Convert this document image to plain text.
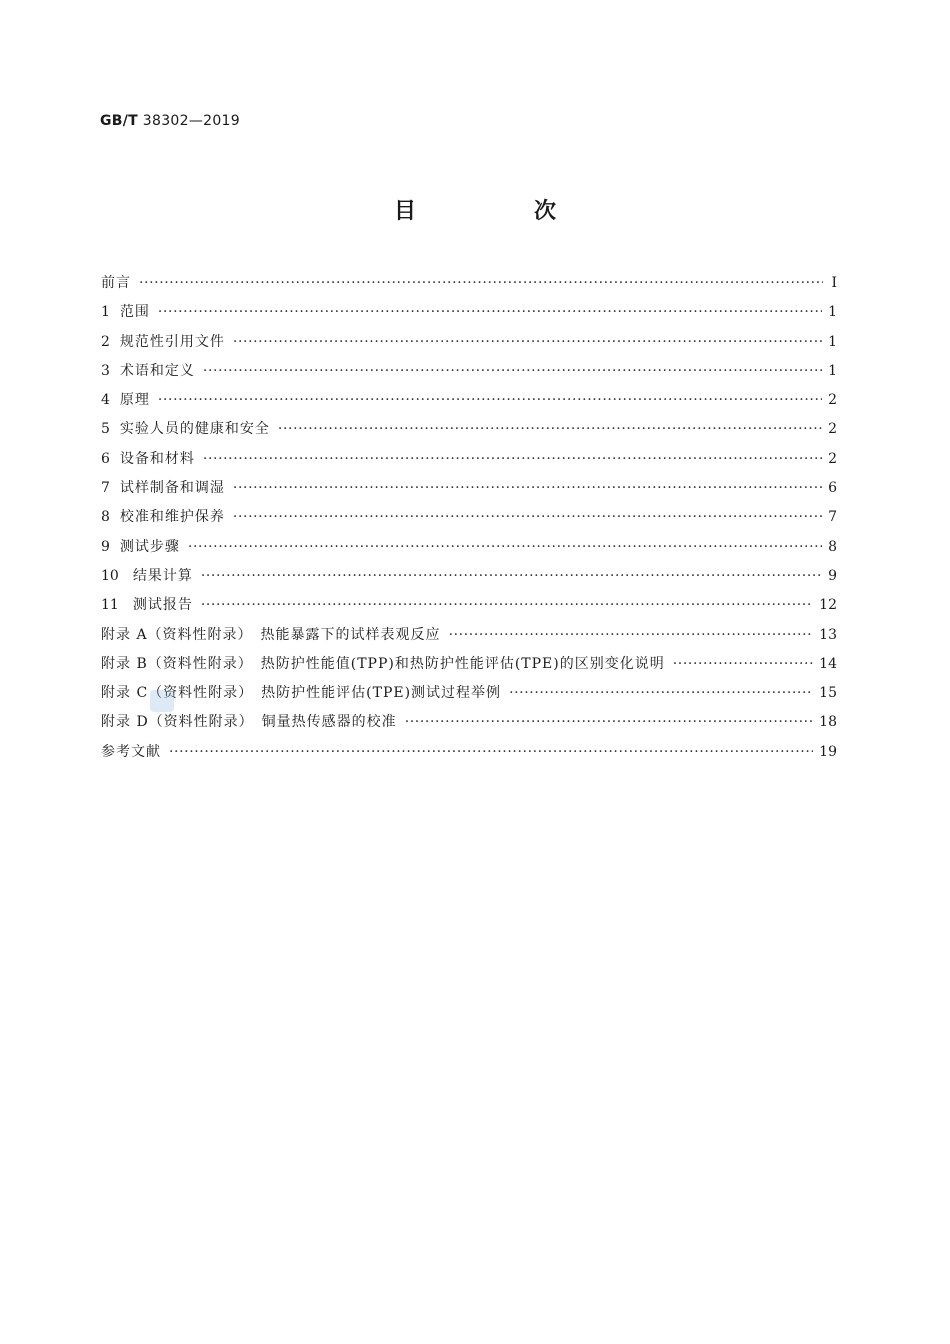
GB/T 38302—2019
目　次
前言 ·····	Ⅰ
1 范围 ·····	1
2 规范性引用文件 ·····	1
3 术语和定义 ·····	1
4 原理 ·····	2
5 实验人员的健康和安全 ·····	2
6 设备和材料 ·····	2
7 试样制备和调湿 ·····	6
8 校准和维护保养 ·····	7
9 测试步骤 ·····	8
10 结果计算 ·····	9
11 测试报告 ·····	12
附录 A（资料性附录）　热能暴露下的试样表观反应 ·····	13
附录 B（资料性附录）　热防护性能值(TPP)和热防护性能评估(TPE)的区别变化说明 ·····	14
附录 C（资料性附录）　热防护性能评估(TPE)测试过程举例 ·····	15
附录 D（资料性附录）　铜量热传感器的校准 ·····	18
参考文献 ·····	19
